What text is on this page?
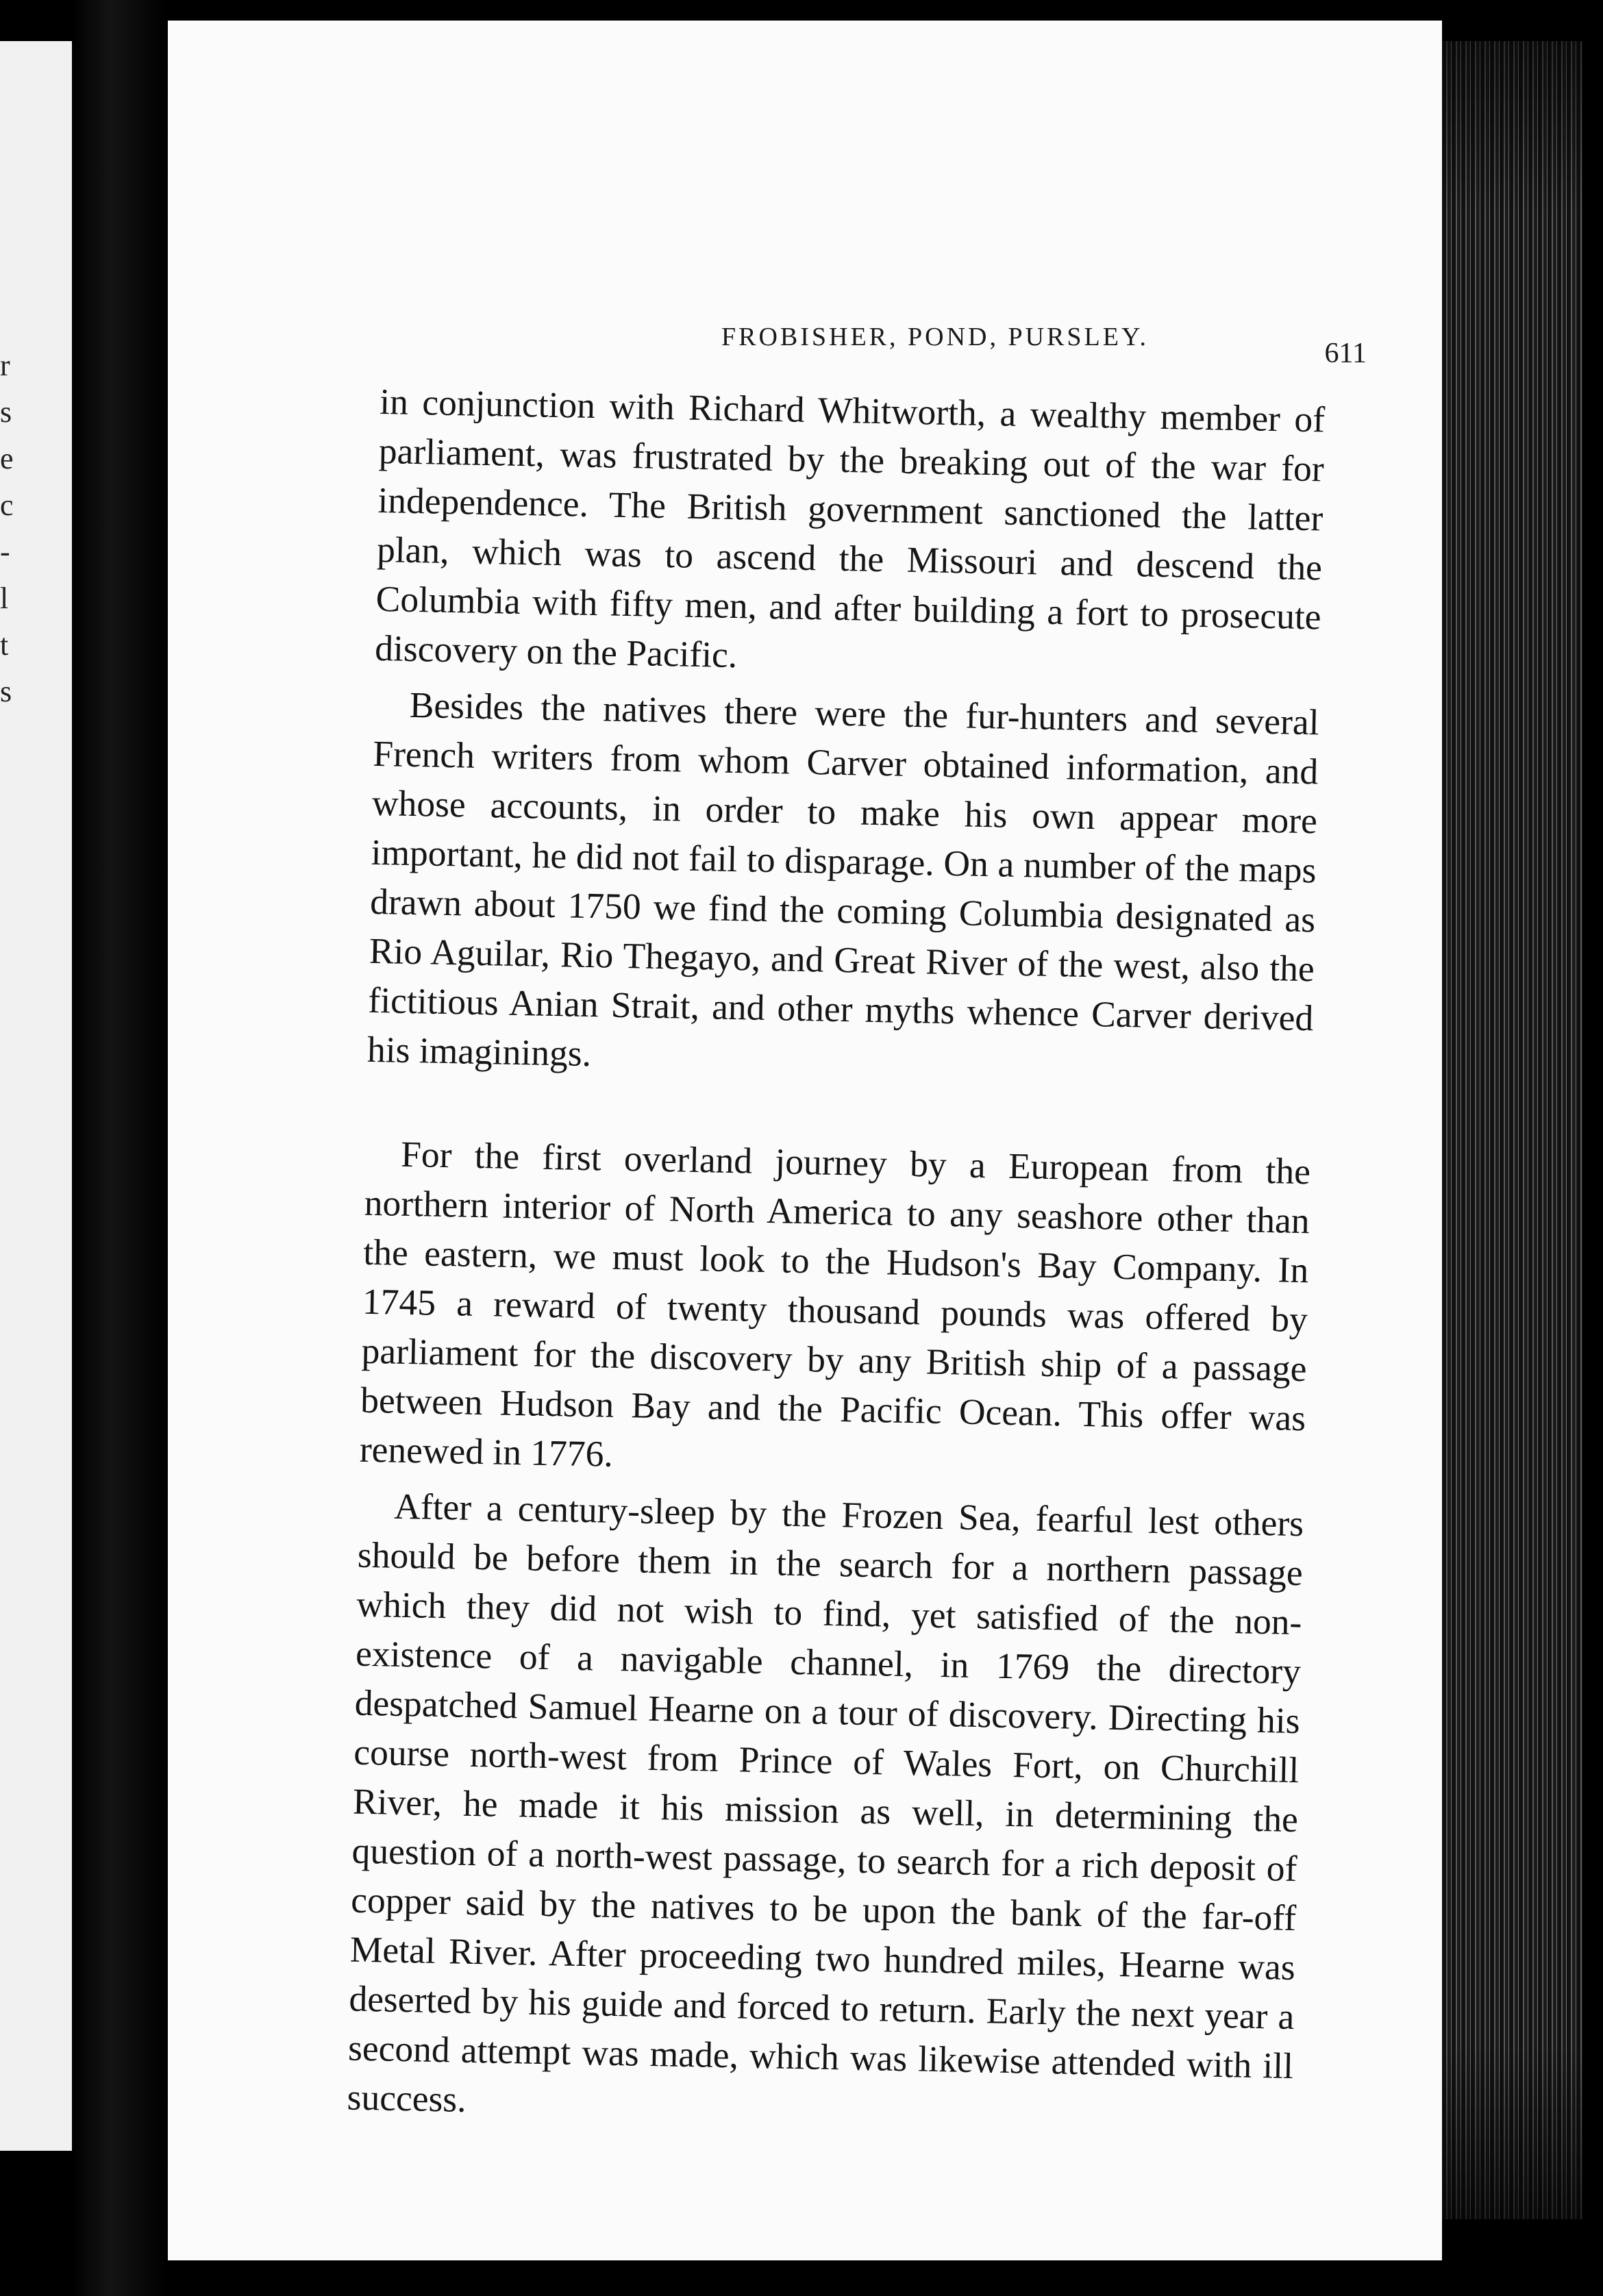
r
s
e
c
-
l
t
s
FROBISHER, POND, PURSLEY.
611

in conjunction with Richard Whitworth, a wealthy member of parliament, was frustrated by the breaking out of the war for independence. The British government sanctioned the latter plan, which was to ascend the Missouri and descend the Columbia with fifty men, and after building a fort to prosecute discovery on the Pacific.

Besides the natives there were the fur-hunters and several French writers from whom Carver obtained information, and whose accounts, in order to make his own appear more important, he did not fail to disparage. On a number of the maps drawn about 1750 we find the coming Columbia designated as Rio Aguilar, Rio Thegayo, and Great River of the west, also the fictitious Anian Strait, and other myths whence Carver derived his imaginings.

For the first overland journey by a European from the northern interior of North America to any seashore other than the eastern, we must look to the Hudson's Bay Company. In 1745 a reward of twenty thousand pounds was offered by parliament for the discovery by any British ship of a passage between Hudson Bay and the Pacific Ocean. This offer was renewed in 1776.

After a century-sleep by the Frozen Sea, fearful lest others should be before them in the search for a northern passage which they did not wish to find, yet satisfied of the non-existence of a navigable channel, in 1769 the directory despatched Samuel Hearne on a tour of discovery. Directing his course north-west from Prince of Wales Fort, on Churchill River, he made it his mission as well, in determining the question of a north-west passage, to search for a rich deposit of copper said by the natives to be upon the bank of the far-off Metal River. After proceeding two hundred miles, Hearne was deserted by his guide and forced to return. Early the next year a second attempt was made, which was likewise attended with ill success.
